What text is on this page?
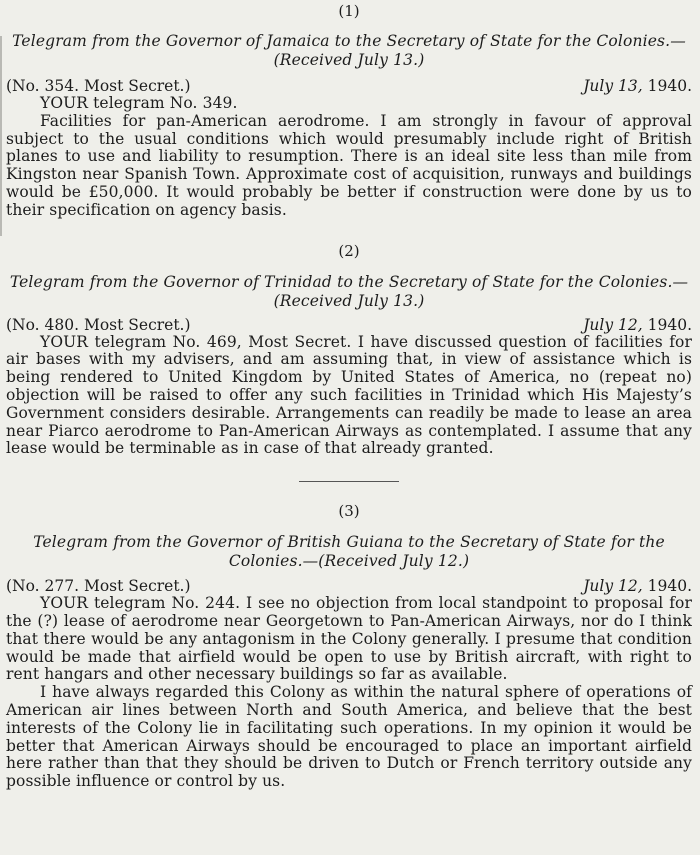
(1)
Telegram from the Governor of Jamaica to the Secretary of State for the Colonies.—(Received July 13.)
(No. 354. Most Secret.)	July 13, 1940.

YOUR telegram No. 349.

Facilities for pan-American aerodrome. I am strongly in favour of approval subject to the usual conditions which would presumably include right of British planes to use and liability to resumption. There is an ideal site less than mile from Kingston near Spanish Town. Approximate cost of acquisition, runways and buildings would be £50,000. It would probably be better if construction were done by us to their specification on agency basis.

(2)
Telegram from the Governor of Trinidad to the Secretary of State for the Colonies.—(Received July 13.)
(No. 480. Most Secret.)	July 12, 1940.

YOUR telegram No. 469, Most Secret. I have discussed question of facilities for air bases with my advisers, and am assuming that, in view of assistance which is being rendered to United Kingdom by United States of America, no (repeat no) objection will be raised to offer any such facilities in Trinidad which His Majesty’s Government considers desirable. Arrangements can readily be made to lease an area near Piarco aerodrome to Pan-American Airways as contemplated. I assume that any lease would be terminable as in case of that already granted.

(3)
Telegram from the Governor of British Guiana to the Secretary of State for the Colonies.—(Received July 12.)
(No. 277. Most Secret.)	July 12, 1940.

YOUR telegram No. 244. I see no objection from local standpoint to proposal for the (?) lease of aerodrome near Georgetown to Pan-American Airways, nor do I think that there would be any antagonism in the Colony generally. I presume that condition would be made that airfield would be open to use by British aircraft, with right to rent hangars and other necessary buildings so far as available.

I have always regarded this Colony as within the natural sphere of operations of American air lines between North and South America, and believe that the best interests of the Colony lie in facilitating such operations. In my opinion it would be better that American Airways should be encouraged to place an important airfield here rather than that they should be driven to Dutch or French territory outside any possible influence or control by us.
